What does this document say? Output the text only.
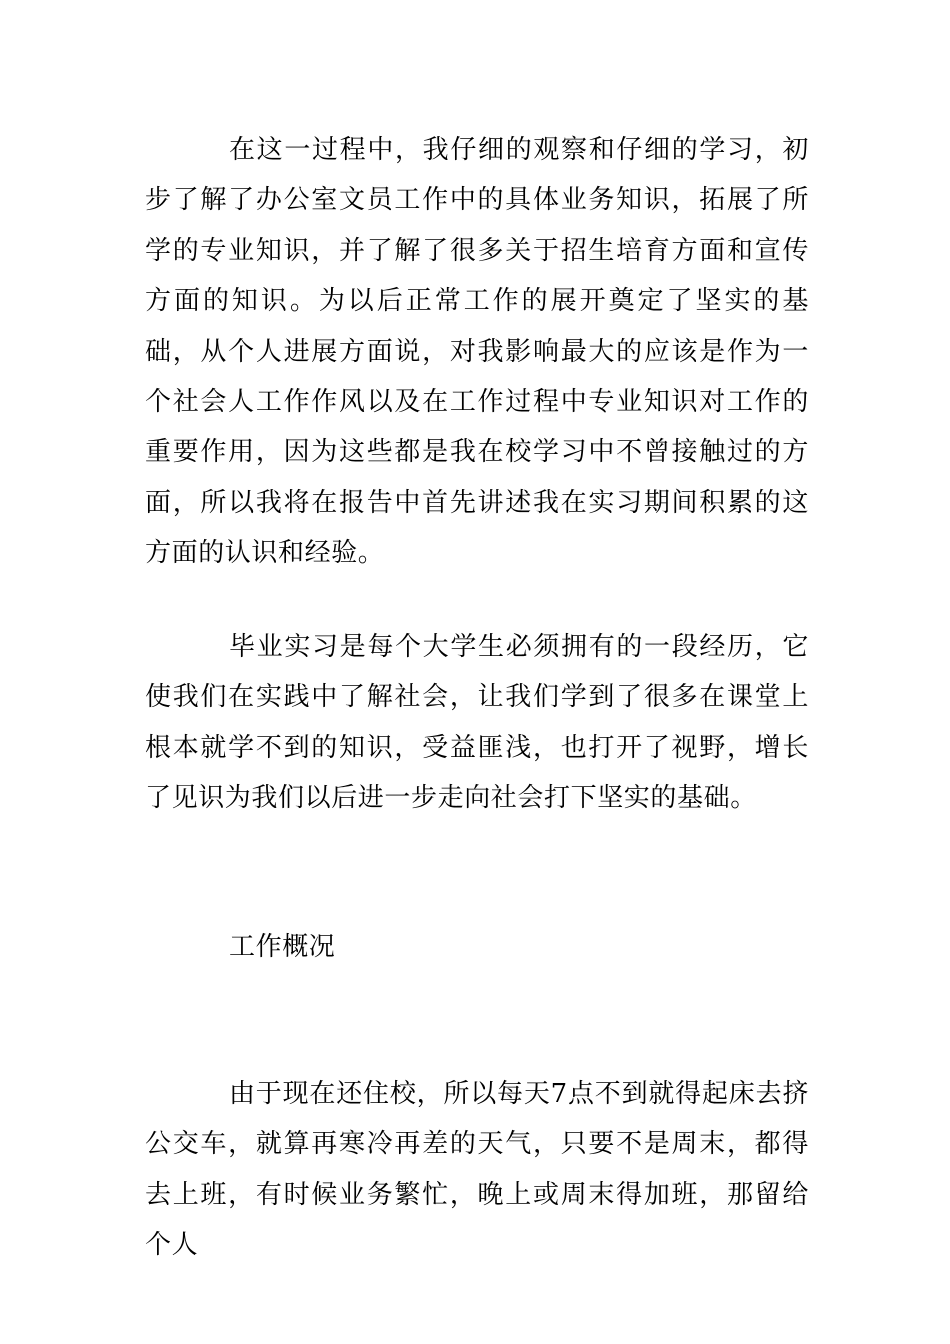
在这一过程中，我仔细的观察和仔细的学习，初步了解了办公室文员工作中的具体业务知识，拓展了所学的专业知识，并了解了很多关于招生培育方面和宣传方面的知识。为以后正常工作的展开奠定了坚实的基础，从个人进展方面说，对我影响最大的应该是作为一个社会人工作作风以及在工作过程中专业知识对工作的重要作用，因为这些都是我在校学习中不曾接触过的方面，所以我将在报告中首先讲述我在实习期间积累的这方面的认识和经验。

毕业实习是每个大学生必须拥有的一段经历，它使我们在实践中了解社会，让我们学到了很多在课堂上根本就学不到的知识，受益匪浅，也打开了视野，增长了见识为我们以后进一步走向社会打下坚实的基础。

工作概况

由于现在还住校，所以每天7点不到就得起床去挤公交车，就算再寒冷再差的天气，只要不是周末，都得去上班，有时候业务繁忙，晚上或周末得加班，那留给个人
